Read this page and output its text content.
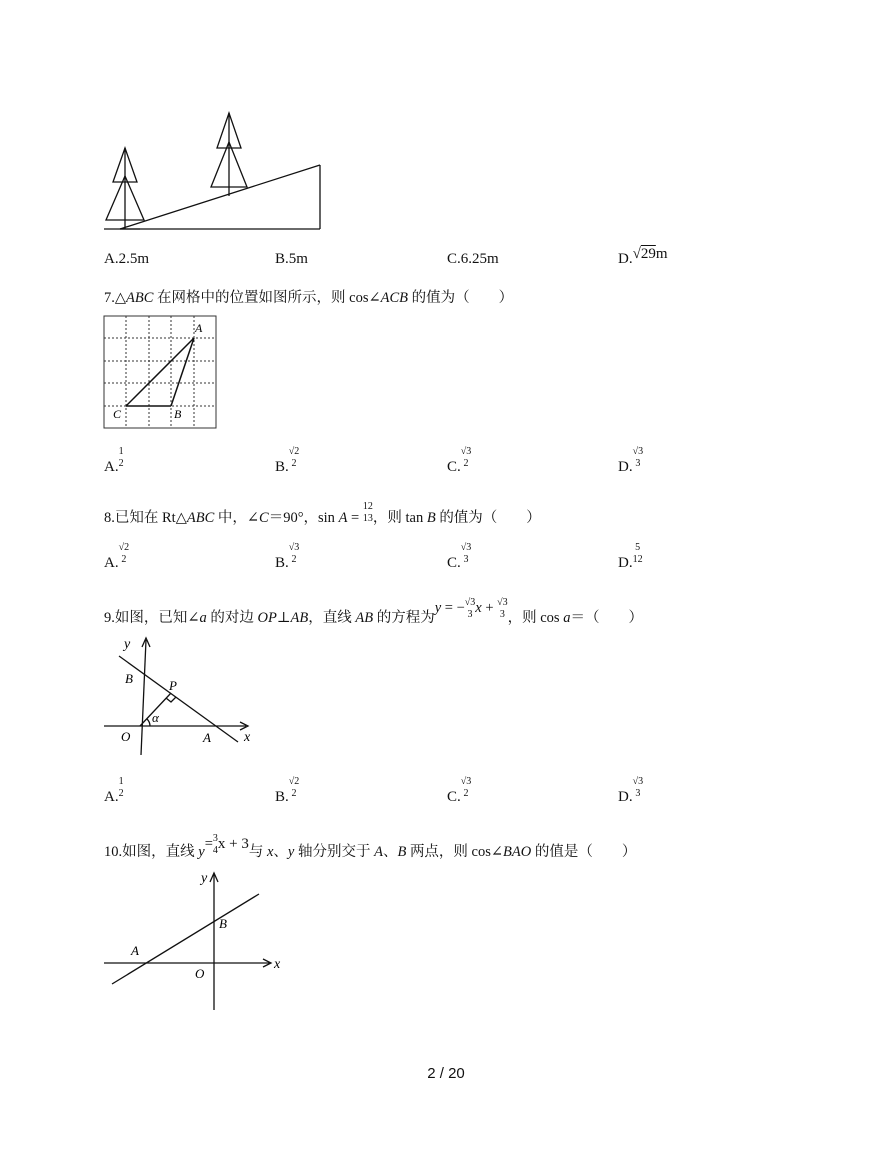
A.2.5m	B.5m	C.6.25m	D.√29m
7.△ABC 在网格中的位置如图所示，则 cos∠ACB 的值为（　　）
A
C	B
A.
1
2	B.
√2
2	C.
√3
2	D.
√3
3
8.已知在 Rt△ABC 中，∠C＝90°，sin A =
12
13 ，则 tan B 的值为（　　）
A.
√2
2	B.
√3
2	C.
√3
3	D.
5
12
9.如图，已知∠a 的对边 OP⊥AB，直线 AB 的方程为y = − √3
3 x + √3
3 ，则 cos a＝（　　）
y
B	P
α
O	A x
A.
1
2	B.
√2
2	C.
√3
2	D.
√3
3
10.如图，直线 y= 3
4 x + 3与 x、y 轴分别交于 A、B 两点，则 cos∠BAO 的值是（　　）
y
B
A
O
x
2 / 20
